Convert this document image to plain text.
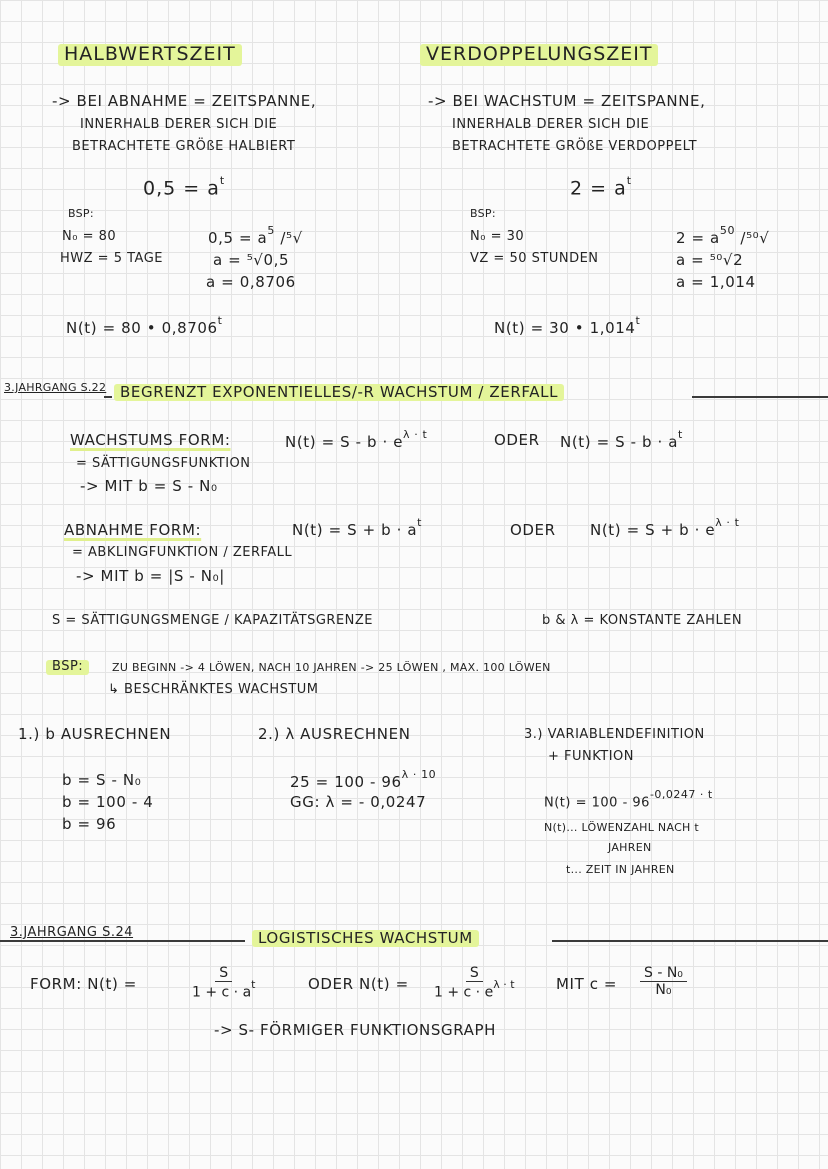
HALBWERTSZEIT
-> BEI ABNAHME = ZEITSPANNE,
INNERHALB DERER SICH DIE
BETRACHTETE GRÖßE HALBIERT
$0,5 = a^t$
BSP:
N₀ = 80
HWZ = 5 TAGE
$0,5 = a^5$ /⁵√
a = ⁵√0,5
a = 0,8706
N(t) = 80 • 0,8706$^t$
VERDOPPELUNGSZEIT
-> BEI WACHSTUM = ZEITSPANNE,
INNERHALB DERER SICH DIE
BETRACHTETE GRÖßE VERDOPPELT
$2 = a^t$
BSP:
N₀ = 30
VZ = 50 STUNDEN
$2 = a^{50}$ /⁵⁰√
a = ⁵⁰√2
a = 1,014
N(t) = 30 • 1,014$^t$
3.JAHRGANG S.22 BEGRENZT EXPONENTIELLES/-R WACHSTUM / ZERFALL
WACHSTUMS FORM:	$N(t) = S - b \cdot e^{\lambda \cdot t}$	ODER $N(t) = S - b \cdot a^t$
= SÄTTIGUNGSFUNKTION
-> MIT b = S - N₀
ABNAHME FORM:	$N(t) = S + b \cdot a^t$	ODER $N(t) = S + b \cdot e^{\lambda \cdot t}$
= ABKLINGFUNKTION / ZERFALL
-> MIT b = |S - N₀|
S = SÄTTIGUNGSMENGE / KAPAZITÄTSGRENZE	b & λ = KONSTANTE ZAHLEN
BSP:	ZU BEGINN -> 4 LÖWEN, NACH 10 JAHREN -> 25 LÖWEN , MAX. 100 LÖWEN
↳ BESCHRÄNKTES WACHSTUM
1.) b AUSRECHNEN
b = S - N₀
b = 100 - 4
b = 96
2.) λ AUSRECHNEN
$25 = 100 - 96^{\lambda \cdot 10}$
GG: λ = - 0,0247
3.) VARIABLENDEFINITION
+ FUNKTION
$N(t) = 100 - 96^{-0,0247 \cdot t}$
N(t)... LÖWENZAHL NACH t
JAHREN
t... ZEIT IN JAHREN
3.JAHRGANG S.24	LOGISTISCHES WACHSTUM
FORM: N(t) =	$\frac{S}{1 + c \cdot a^t}$	ODER $N(t) = \frac{S}{1 + c \cdot e^{\lambda \cdot t}}$ MIT $c = \frac{\text{S - N₀}}{\text{N₀}}$
-> S- FÖRMIGER FUNKTIONSGRAPH
